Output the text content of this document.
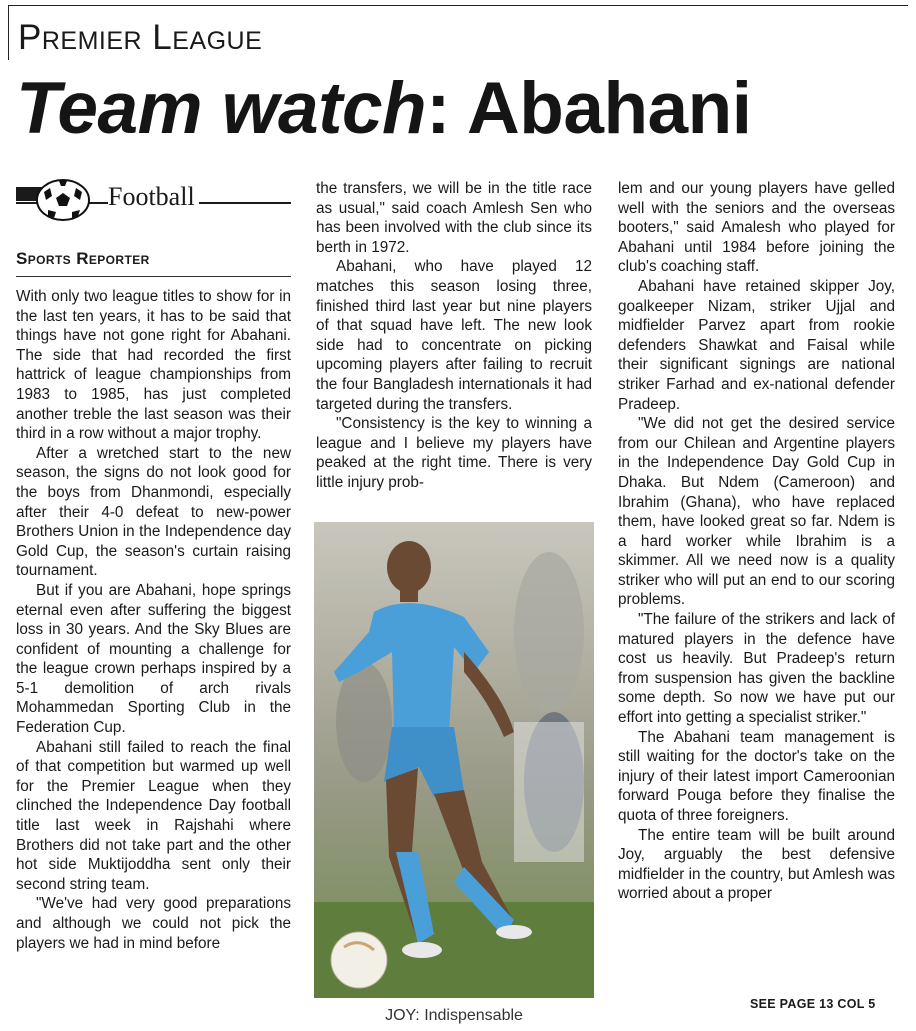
Premier League
Team watch: Abahani
Football
Sports Reporter

With only two league titles to show for in the last ten years, it has to be said that things have not gone right for Abahani. The side that had recorded the first hattrick of league championships from 1983 to 1985, has just completed another treble the last season was their third in a row without a major trophy.

After a wretched start to the new season, the signs do not look good for the boys from Dhanmondi, especially after their 4-0 defeat to new-power Brothers Union in the Independence day Gold Cup, the season's curtain raising tournament.

But if you are Abahani, hope springs eternal even after suffering the biggest loss in 30 years. And the Sky Blues are confident of mounting a challenge for the league crown perhaps inspired by a 5-1 demolition of arch rivals Mohammedan Sporting Club in the Federation Cup.

Abahani still failed to reach the final of that competition but warmed up well for the Premier League when they clinched the Independence Day football title last week in Rajshahi where Brothers did not take part and the other hot side Muktijoddha sent only their second string team.

"We've had very good preparations and although we could not pick the players we had in mind before

the transfers, we will be in the title race as usual," said coach Amlesh Sen who has been involved with the club since its berth in 1972.

Abahani, who have played 12 matches this season losing three, finished third last year but nine players of that squad have left. The new look side had to concentrate on picking upcoming players after failing to recruit the four Bangladesh internationals it had targeted during the transfers.

"Consistency is the key to winning a league and I believe my players have peaked at the right time. There is very little injury prob-

lem and our young players have gelled well with the seniors and the overseas booters," said Amalesh who played for Abahani until 1984 before joining the club's coaching staff.

Abahani have retained skipper Joy, goalkeeper Nizam, striker Ujjal and midfielder Parvez apart from rookie defenders Shawkat and Faisal while their significant signings are national striker Farhad and ex-national defender Pradeep.

"We did not get the desired service from our Chilean and Argentine players in the Independence Day Gold Cup in Dhaka. But Ndem (Cameroon) and Ibrahim (Ghana), who have replaced them, have looked great so far. Ndem is a hard worker while Ibrahim is a skimmer. All we need now is a quality striker who will put an end to our scoring problems.

"The failure of the strikers and lack of matured players in the defence have cost us heavily. But Pradeep's return from suspension has given the backline some depth. So now we have put our effort into getting a specialist striker."

The Abahani team management is still waiting for the doctor's take on the injury of their latest import Cameroonian forward Pouga before they finalise the quota of three foreigners.

The entire team will be built around Joy, arguably the best defensive midfielder in the country, but Amlesh was worried about a proper

JOY: Indispensable
SEE PAGE 13 COL 5
